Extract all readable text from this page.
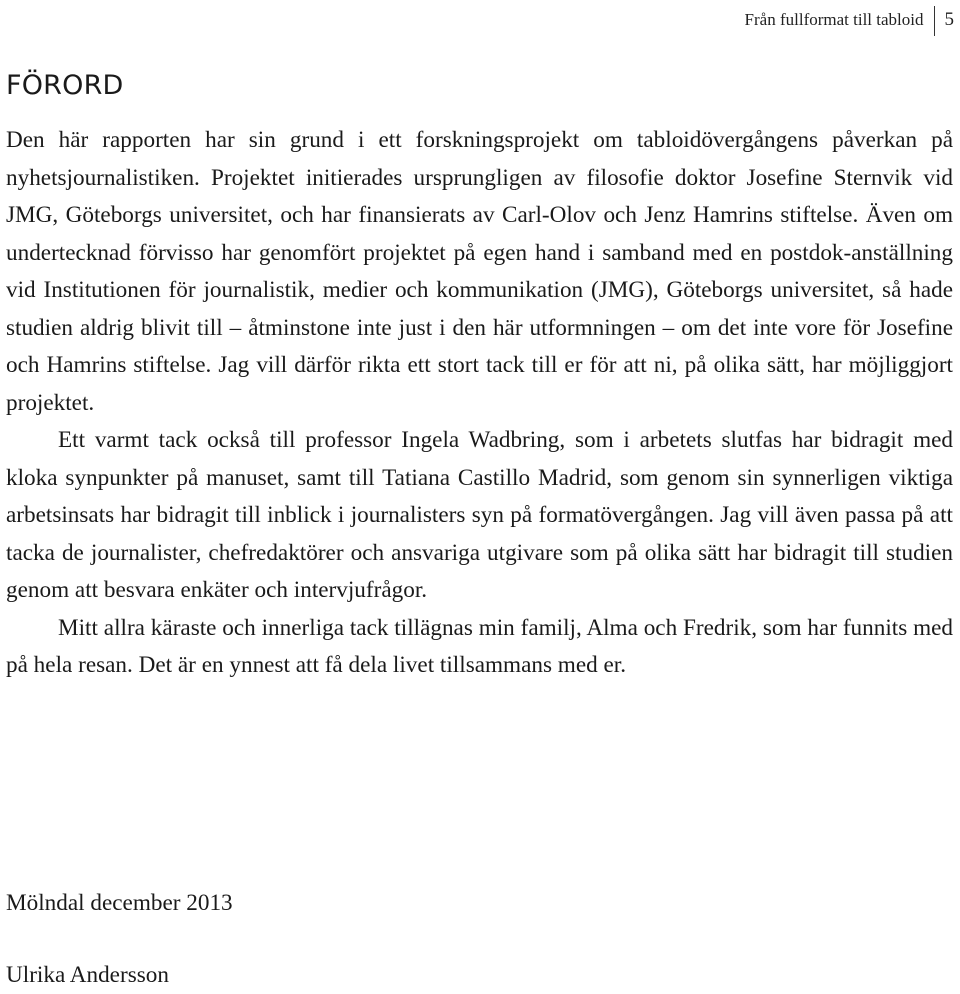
Från fullformat till tabloid	5
FÖRORD

Den här rapporten har sin grund i ett forskningsprojekt om tabloidövergångens påverkan på nyhetsjournalistiken. Projektet initierades ursprungligen av filosofie doktor Josefine Sternvik vid JMG, Göteborgs universitet, och har finansierats av Carl-Olov och Jenz Hamrins stiftelse. Även om undertecknad förvisso har genomfört projektet på egen hand i samband med en postdok-anställning vid Institutionen för journalistik, medier och kommunikation (JMG), Göteborgs universitet, så hade studien aldrig blivit till – åtminstone inte just i den här utformningen – om det inte vore för Josefine och Hamrins stiftelse. Jag vill därför rikta ett stort tack till er för att ni, på olika sätt, har möjliggjort projektet.

Ett varmt tack också till professor Ingela Wadbring, som i arbetets slutfas har bidragit med kloka synpunkter på manuset, samt till Tatiana Castillo Madrid, som genom sin synnerligen viktiga arbetsinsats har bidragit till inblick i journalisters syn på formatövergången. Jag vill även passa på att tacka de journalister, chefredaktörer och ansvariga utgivare som på olika sätt har bidragit till studien genom att besvara enkäter och intervjufrågor.

Mitt allra käraste och innerliga tack tillägnas min familj, Alma och Fredrik, som har funnits med på hela resan. Det är en ynnest att få dela livet tillsammans med er.

Mölndal december 2013
Ulrika Andersson
